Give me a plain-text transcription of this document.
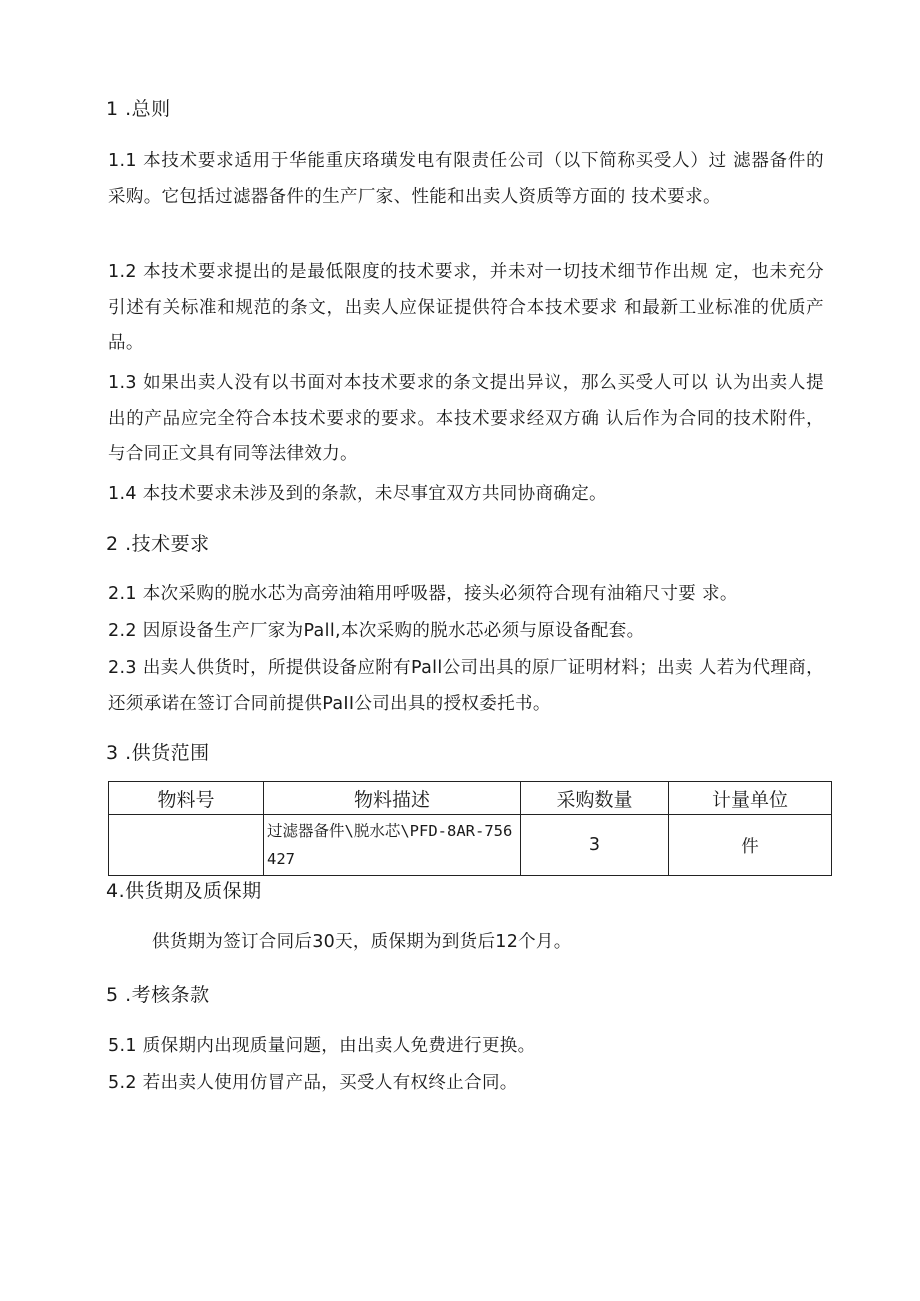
1 .总则
1.1 本技术要求适用于华能重庆珞璜发电有限责任公司（以下简称买受人）过 滤器备件的采购。它包括过滤器备件的生产厂家、性能和出卖人资质等方面的 技术要求。
1.2 本技术要求提出的是最低限度的技术要求，并未对一切技术细节作出规 定，也未充分引述有关标准和规范的条文，出卖人应保证提供符合本技术要求 和最新工业标准的优质产品。
1.3 如果出卖人没有以书面对本技术要求的条文提出异议，那么买受人可以 认为出卖人提出的产品应完全符合本技术要求的要求。本技术要求经双方确 认后作为合同的技术附件，与合同正文具有同等法律效力。
1.4 本技术要求未涉及到的条款，未尽事宜双方共同协商确定。
2 .技术要求
2.1 本次采购的脱水芯为高旁油箱用呼吸器，接头必须符合现有油箱尺寸要 求。
2.2 因原设备生产厂家为Pall,本次采购的脱水芯必须与原设备配套。
2.3 出卖人供货时，所提供设备应附有Pall公司出具的原厂证明材料；出卖 人若为代理商，还须承诺在签订合同前提供PaII公司出具的授权委托书。
3 .供货范围
物料号	物料描述	采购数量	计量单位
	过滤器备件\脱水芯\PFD-8AR-756427	3	件
4.供货期及质保期
供货期为签订合同后30天，质保期为到货后12个月。
5 .考核条款
5.1 质保期内出现质量问题，由出卖人免费进行更换。
5.2 若出卖人使用仿冒产品，买受人有权终止合同。
